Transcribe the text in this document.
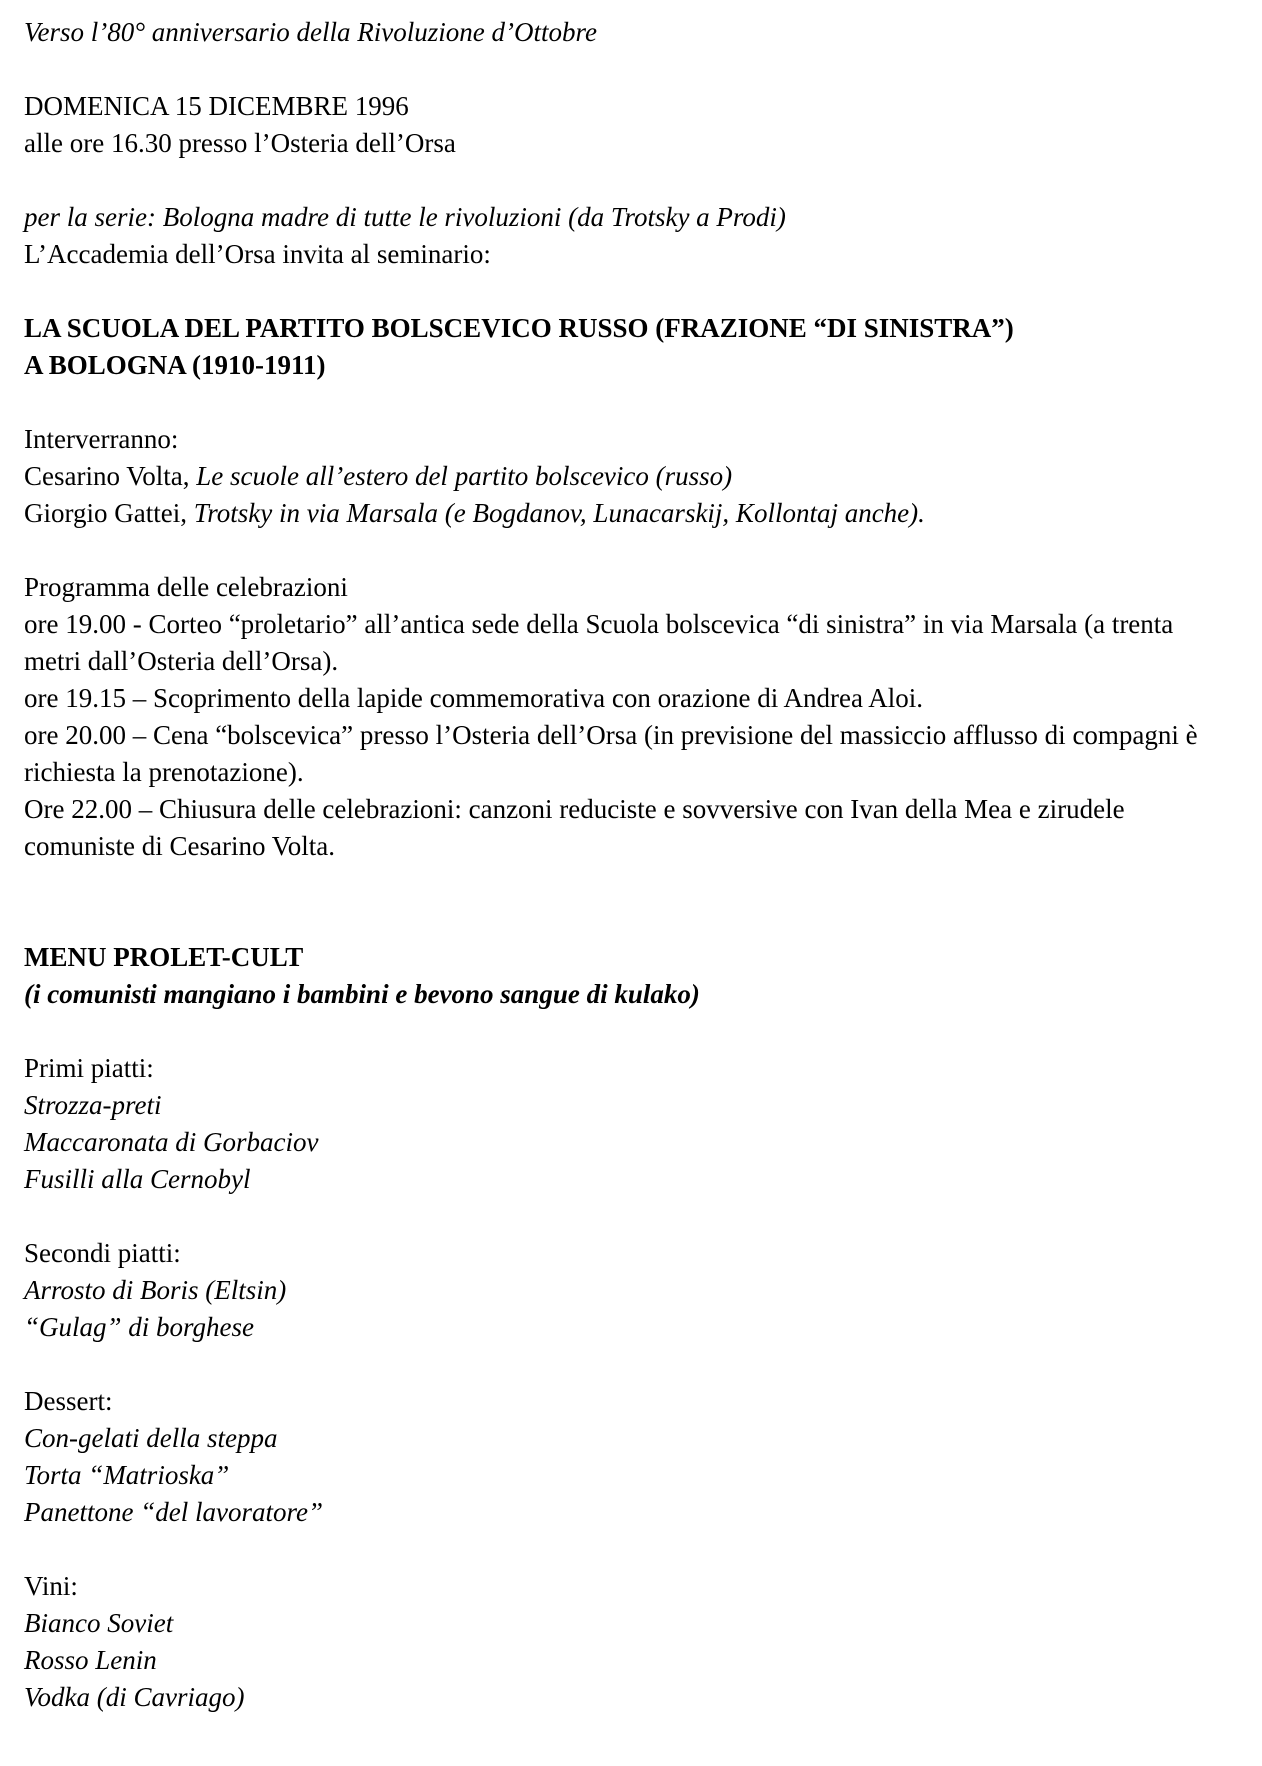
Verso l’80° anniversario della Rivoluzione d’Ottobre
DOMENICA 15 DICEMBRE 1996
alle ore 16.30 presso l’Osteria dell’Orsa
per la serie: Bologna madre di tutte le rivoluzioni (da Trotsky a Prodi)
L’Accademia dell’Orsa invita al seminario:
LA SCUOLA DEL PARTITO BOLSCEVICO RUSSO (FRAZIONE “DI SINISTRA”)
A BOLOGNA (1910-1911)
Interverranno:
Cesarino Volta, Le scuole all’estero del partito bolscevico (russo)
Giorgio Gattei, Trotsky in via Marsala (e Bogdanov, Lunacarskij, Kollontaj anche).
Programma delle celebrazioni
ore 19.00 - Corteo “proletario” all’antica sede della Scuola bolscevica “di sinistra” in via Marsala (a trenta metri dall’Osteria dell’Orsa).
ore 19.15 – Scoprimento della lapide commemorativa con orazione di Andrea Aloi.
ore 20.00 – Cena “bolscevica” presso l’Osteria dell’Orsa (in previsione del massiccio afflusso di compagni è richiesta la prenotazione).
Ore 22.00 – Chiusura delle celebrazioni: canzoni reduciste e sovversive con Ivan della Mea e zirudele comuniste di Cesarino Volta.
MENU PROLET-CULT
(i comunisti mangiano i bambini e bevono sangue di kulako)
Primi piatti:
Strozza-preti
Maccaronata di Gorbaciov
Fusilli alla Cernobyl
Secondi piatti:
Arrosto di Boris (Eltsin)
“Gulag” di borghese
Dessert:
Con-gelati della steppa
Torta “Matrioska”
Panettone “del lavoratore”
Vini:
Bianco Soviet
Rosso Lenin
Vodka (di Cavriago)
